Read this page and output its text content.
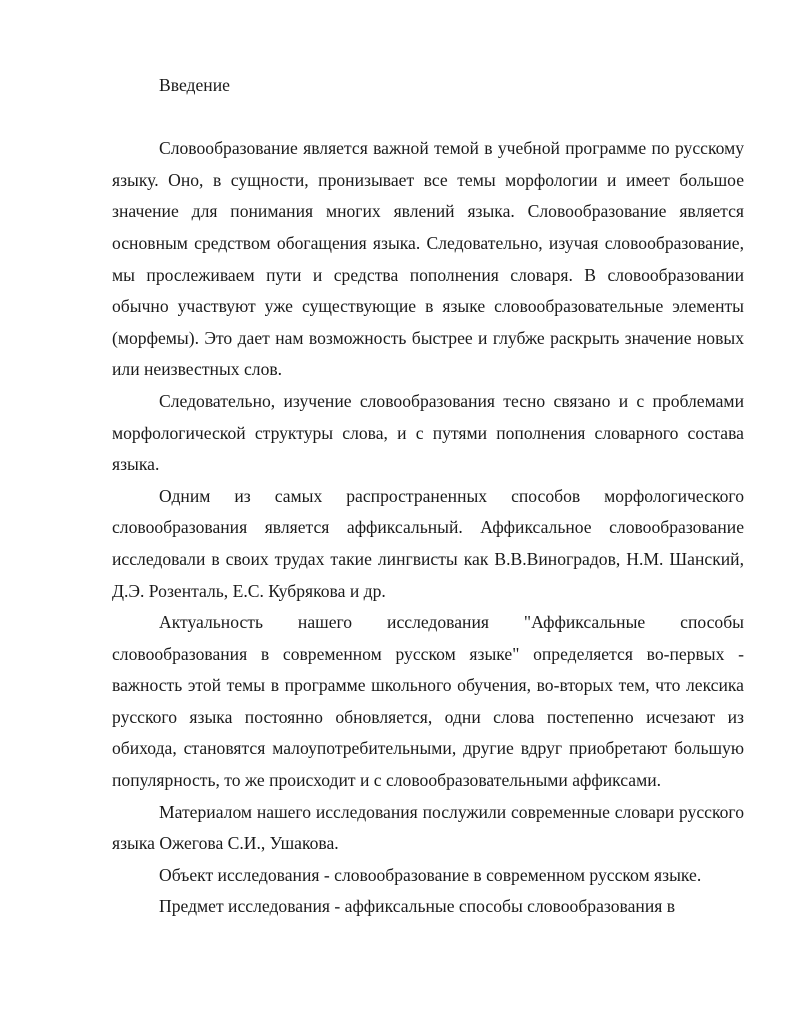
Введение

Словообразование является важной темой в учебной программе по русскому языку. Оно, в сущности, пронизывает все темы морфологии и имеет большое значение для понимания многих явлений языка. Словообразование является основным средством обогащения языка. Следовательно, изучая словообразование, мы прослеживаем пути и средства пополнения словаря. В словообразовании обычно участвуют уже существующие в языке словообразовательные элементы (морфемы). Это дает нам возможность быстрее и глубже раскрыть значение новых или неизвестных слов.

Следовательно, изучение словообразования тесно связано и с проблемами морфологической структуры слова, и с путями пополнения словарного состава языка.

Одним из самых распространенных способов морфологического словообразования является аффиксальный. Аффиксальное словообразование исследовали в своих трудах такие лингвисты как В.В.Виноградов, Н.М. Шанский, Д.Э. Розенталь, Е.С. Кубрякова и др.

Актуальность нашего исследования "Аффиксальные способы словообразования в современном русском языке" определяется во-первых - важность этой темы в программе школьного обучения, во-вторых тем, что лексика русского языка постоянно обновляется, одни слова постепенно исчезают из обихода, становятся малоупотребительными, другие вдруг приобретают большую популярность, то же происходит и с словообразовательными аффиксами.

Материалом нашего исследования послужили современные словари русского языка Ожегова С.И., Ушакова.

Объект исследования - словообразование в современном русском языке.

Предмет исследования - аффиксальные способы словообразования в
